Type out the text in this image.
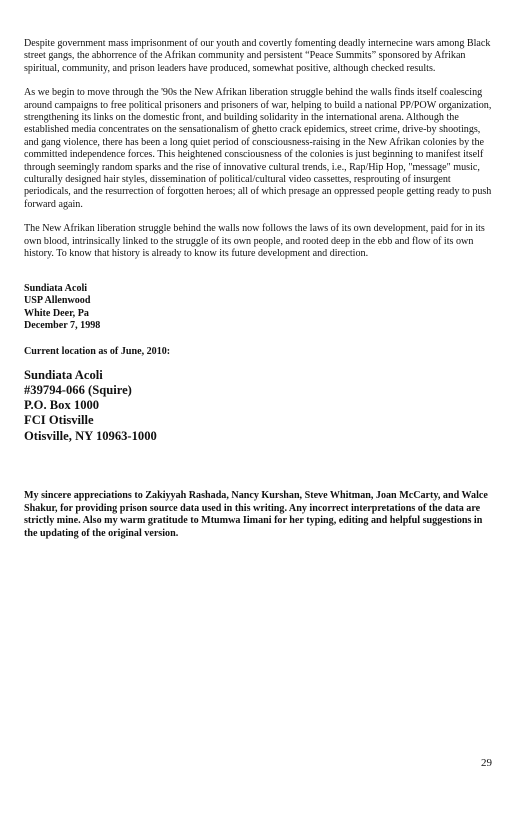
Despite government mass imprisonment of our youth and covertly fomenting deadly internecine wars among Black street gangs, the abhorrence of the Afrikan community and persistent “Peace Summits” sponsored by Afrikan spiritual, community, and prison leaders have produced, somewhat positive, although checked results.

As we begin to move through the '90s the New Afrikan liberation struggle behind the walls finds itself coalescing around campaigns to free political prisoners and prisoners of war, helping to build a national PP/POW organization, strengthening its links on the domestic front, and building solidarity in the international arena. Although the established media concentrates on the sensationalism of ghetto crack epidemics, street crime, drive-by shootings, and gang violence, there has been a long quiet period of consciousness-raising in the New Afrikan colonies by the committed independence forces. This heightened consciousness of the colonies is just beginning to manifest itself through seemingly random sparks and the rise of innovative cultural trends, i.e., Rap/Hip Hop, "message" music, culturally designed hair styles, dissemination of political/cultural video cassettes, resprouting of insurgent periodicals, and the resurrection of forgotten heroes; all of which presage an oppressed people getting ready to push forward again.

The New Afrikan liberation struggle behind the walls now follows the laws of its own development, paid for in its own blood, intrinsically linked to the struggle of its own people, and rooted deep in the ebb and flow of its own history. To know that history is already to know its future development and direction.

Sundiata Acoli
USP Allenwood
White Deer, Pa
December 7, 1998
Current location as of June, 2010:
Sundiata Acoli
#39794-066 (Squire)
P.O. Box 1000
FCI Otisville
Otisville, NY 10963-1000
My sincere appreciations to Zakiyyah Rashada, Nancy Kurshan, Steve Whitman, Joan McCarty, and Walce Shakur, for providing prison source data used in this writing. Any incorrect interpretations of the data are strictly mine. Also my warm gratitude to Mtumwa Iimani for her typing, editing and helpful suggestions in the updating of the original version.
29
